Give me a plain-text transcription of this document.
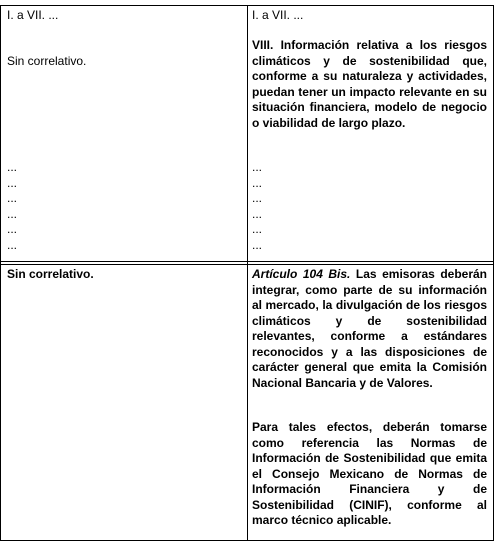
I. a VII. ...
Sin correlativo.
...
...
...
...
...
...
I. a VII. ...
VIII. Información relativa a los riesgos climáticos y de sostenibilidad que, conforme a su naturaleza y actividades, puedan tener un impacto relevante en su situación financiera, modelo de negocio o viabilidad de largo plazo.
...
...
...
...
...
...
Sin correlativo.	Artículo 104 Bis. Las emisoras deberán integrar, como parte de su información al mercado, la divulgación de los riesgos climáticos y de sostenibilidad relevantes, conforme a estándares reconocidos y a las disposiciones de carácter general que emita la Comisión Nacional Bancaria y de Valores.
Para tales efectos, deberán tomarse como referencia las Normas de Información de Sostenibilidad que emita el Consejo Mexicano de Normas de Información Financiera y de Sostenibilidad (CINIF), conforme al marco técnico aplicable.
